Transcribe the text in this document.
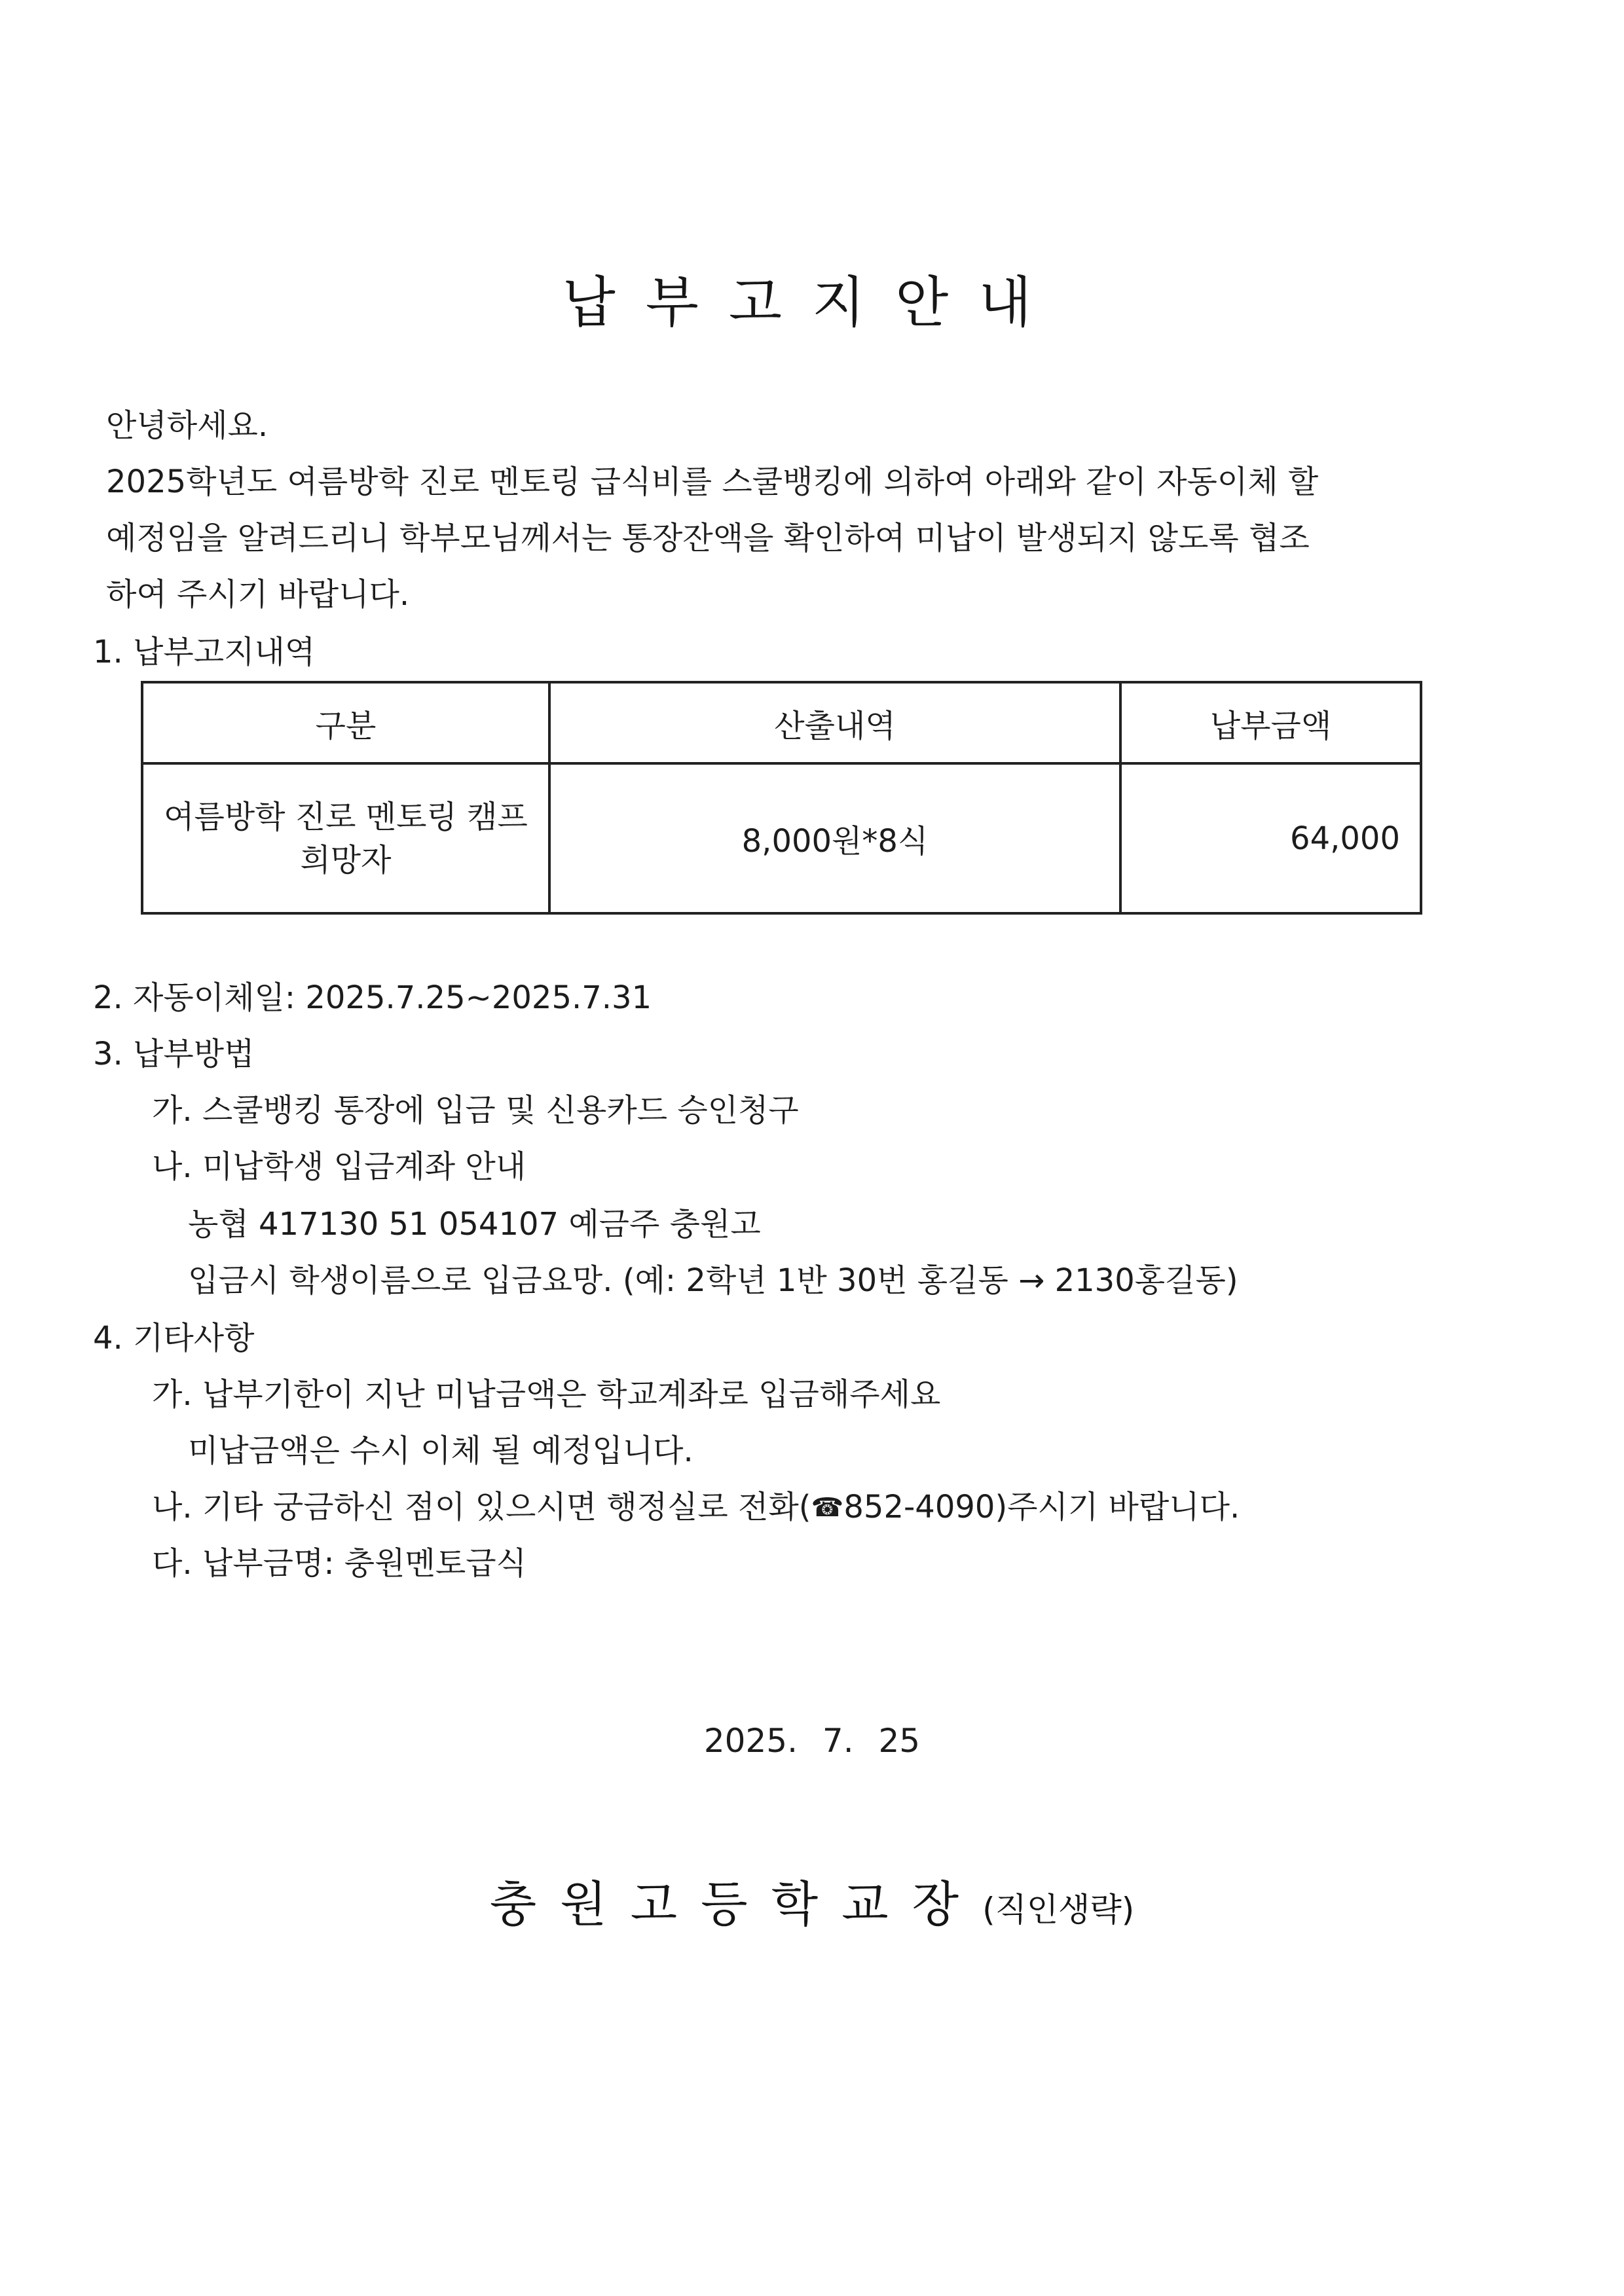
납부고지안내
안녕하세요.
2025학년도 여름방학 진로 멘토링 급식비를 스쿨뱅킹에 의하여 아래와 같이 자동이체 할
예정임을 알려드리니 학부모님께서는 통장잔액을 확인하여 미납이 발생되지 않도록 협조
하여 주시기 바랍니다.
1. 납부고지내역
구분	산출내역	납부금액
여름방학 진로 멘토링 캠프
희망자	8,000원*8식	64,000
2. 자동이체일: 2025.7.25~2025.7.31
3. 납부방법
가. 스쿨뱅킹 통장에 입금 및 신용카드 승인청구
나. 미납학생 입금계좌 안내
농협 417130 51 054107 예금주 충원고
입금시 학생이름으로 입금요망. (예: 2학년 1반 30번 홍길동 → 2130홍길동)
4. 기타사항
가. 납부기한이 지난 미납금액은 학교계좌로 입금해주세요
미납금액은 수시 이체 될 예정입니다.
나. 기타 궁금하신 점이 있으시면 행정실로 전화(☎852-4090)주시기 바랍니다.
다. 납부금명: 충원멘토급식
2025. 7. 25
충원고등학교장(직인생략)
